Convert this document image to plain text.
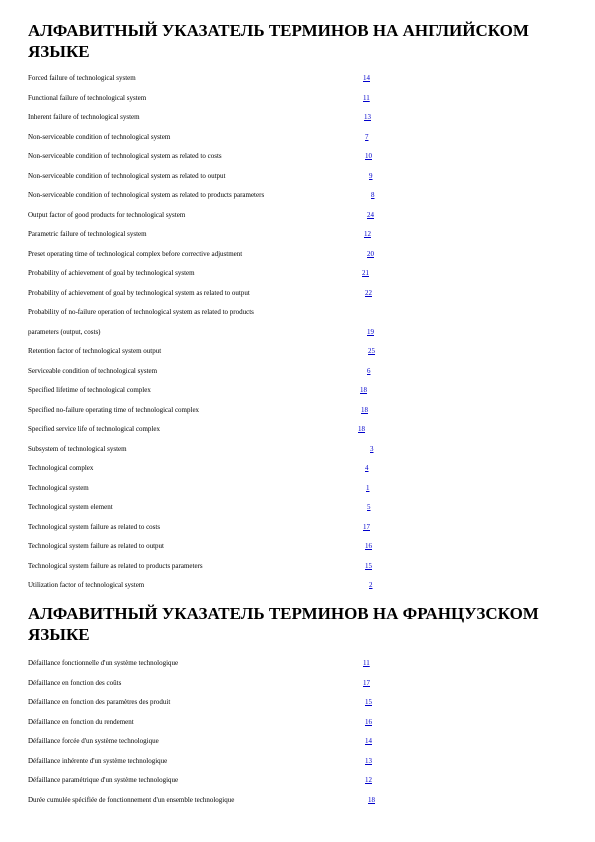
АЛФАВИТНЫЙ УКАЗАТЕЛЬ ТЕРМИНОВ НА АНГЛИЙСКОМ
ЯЗЫКЕ
Forced failure of technological system	14
Functional failure of technological system	11
Inherent failure of technological system	13
Non-serviceable condition of technological system	7
Non-serviceable condition of technological system as related to costs	10
Non-serviceable condition of technological system as related to output	9
Non-serviceable condition of technological system as related to products parameters	8
Output factor of good products for technological system	24
Parametric failure of technological system	12
Preset operating time of technological complex before corrective adjustment	20
Probability of achievement of goal by technological system	21
Probability of achievement of goal by technological system as related to output	22
Probability of no-failure operation of technological system as related to products
parameters (output, costs)	19
Retention factor of technological system output	25
Serviceable condition of technological system	6
Specified lifetime of technological complex	18
Specified no-failure operating time of technological complex	18
Specified service life of technological complex	18
Subsystem of technological system	3
Technological complex	4
Technological system	1
Technological system element	5
Technological system failure as related to costs	17
Technological system failure as related to output	16
Technological system failure as related to products parameters	15
Utilization factor of technological system	2
АЛФАВИТНЫЙ УКАЗАТЕЛЬ ТЕРМИНОВ НА ФРАНЦУЗСКОМ
ЯЗЫКЕ
Défaillance fonctionnelle d'un système technologique	11
Défaillance en fonction des coûts	17
Défaillance en fonction des paramètres des produit	15
Défaillance en fonction du rendement	16
Défaillance forcée d'un système technologique	14
Défaillance inhérente d'un système technologique	13
Défaillance paramétrique d'un système technologique	12
Durée cumulée spécifiée de fonctionnement d'un ensemble technologique	18
